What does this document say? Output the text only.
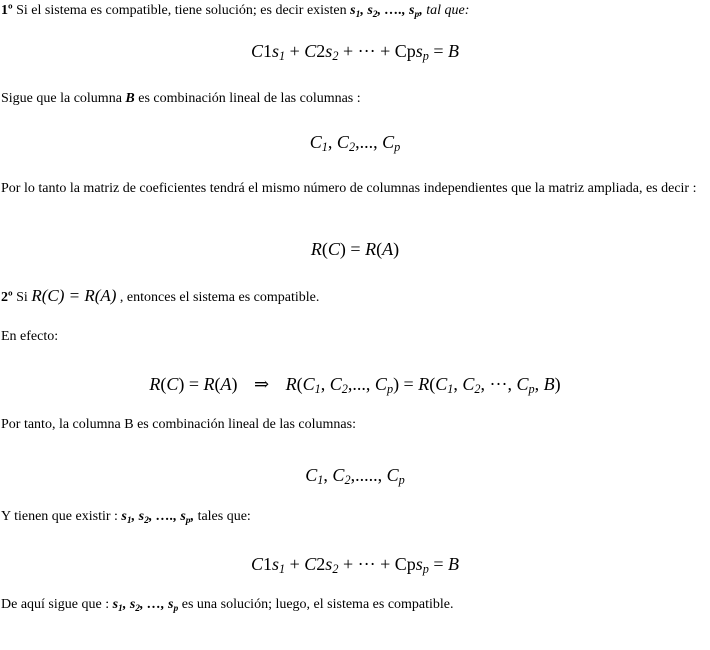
1º Si el sistema es compatible, tiene solución; es decir existen $s_1$, $s_2$, …., $s_p$, tal que:
$C1s_1 + C2s_2$ + ··· + Cps$_p$ = B
Sigue que la columna B es combinación lineal de las columnas :
$C_1$, $C_2$,..., $C_p$
Por lo tanto la matriz de coeficientes tendrá el mismo número de columnas independientes que la matriz ampliada, es decir :
R(C) = R(A)
2º Si R(C) = R(A) , entonces el sistema es compatible.
En efecto:
R(C) = R(A)   ⇒   $R(C_1$, $C_2$,..., $C_p) = R(C_1$, $C_2$, ···, $C_p$, B)
Por tanto, la columna B es combinación lineal de las columnas:
$C_1$, $C_2$,....., $C_p$
Y tienen que existir : $s_1$, $s_2$, …., $s_p$, tales que:
$C1s_1 + C2s_2$ + ··· + Cps$_p$ = B
De aquí sigue que : $s_1$, $s_2$, …, $s_p$ es una solución; luego, el sistema es compatible.
